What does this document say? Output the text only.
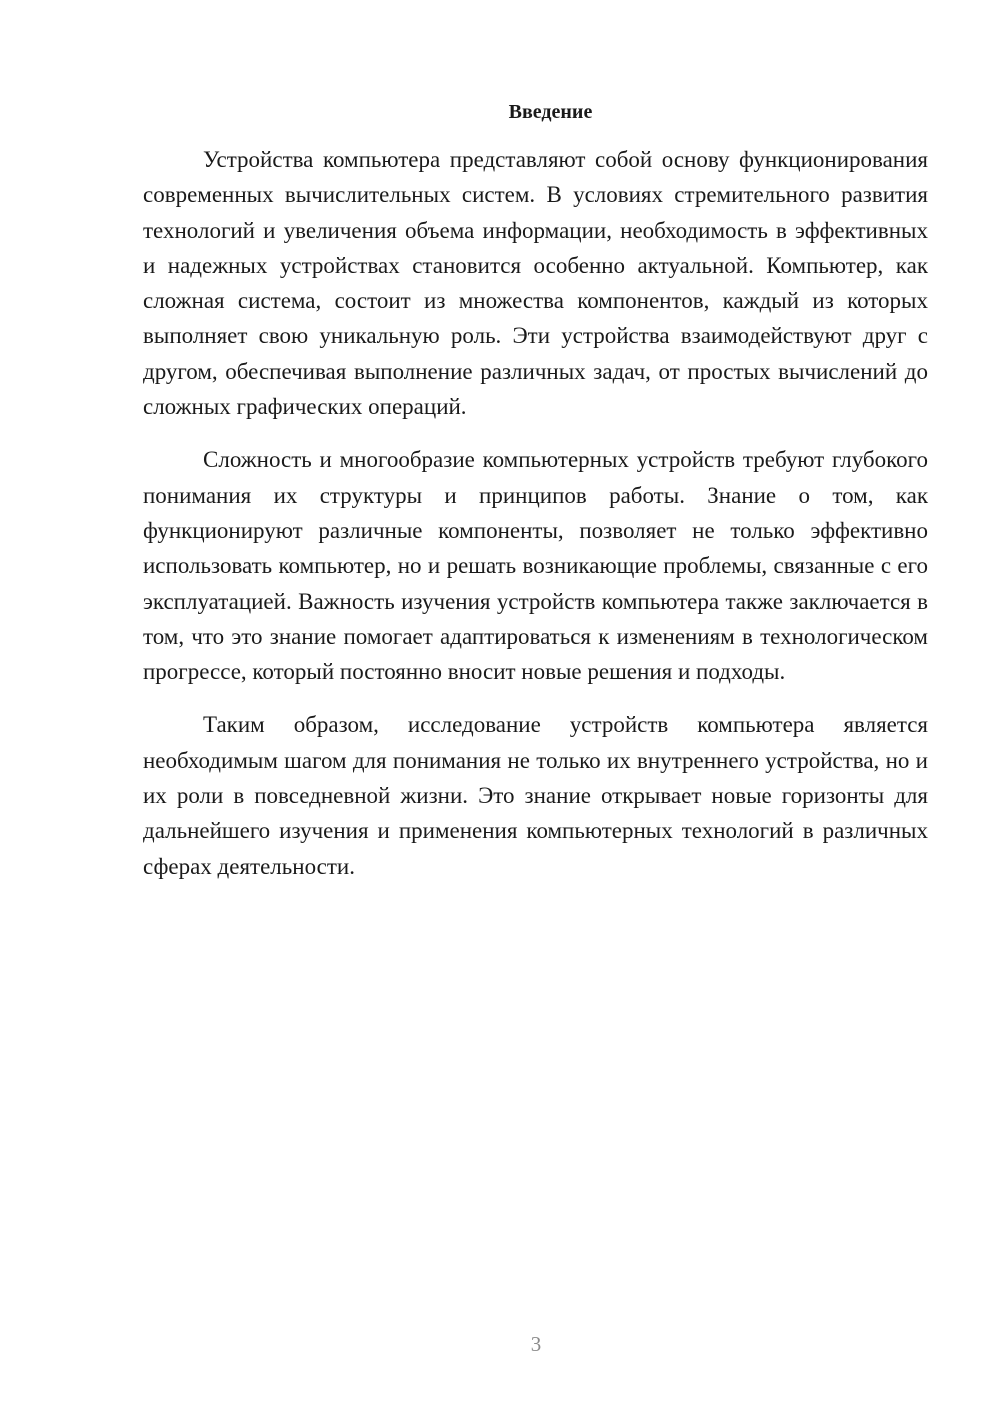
Введение

Устройства компьютера представляют собой основу функционирования современных вычислительных систем. В условиях стремительного развития технологий и увеличения объема информации, необходимость в эффективных и надежных устройствах становится особенно актуальной. Компьютер, как сложная система, состоит из множества компонентов, каждый из которых выполняет свою уникальную роль. Эти устройства взаимодействуют друг с другом, обеспечивая выполнение различных задач, от простых вычислений до сложных графических операций.

Сложность и многообразие компьютерных устройств требуют глубокого понимания их структуры и принципов работы. Знание о том, как функционируют различные компоненты, позволяет не только эффективно использовать компьютер, но и решать возникающие проблемы, связанные с его эксплуатацией. Важность изучения устройств компьютера также заключается в том, что это знание помогает адаптироваться к изменениям в технологическом прогрессе, который постоянно вносит новые решения и подходы.

Таким образом, исследование устройств компьютера является необходимым шагом для понимания не только их внутреннего устройства, но и их роли в повседневной жизни. Это знание открывает новые горизонты для дальнейшего изучения и применения компьютерных технологий в различных сферах деятельности.

3
